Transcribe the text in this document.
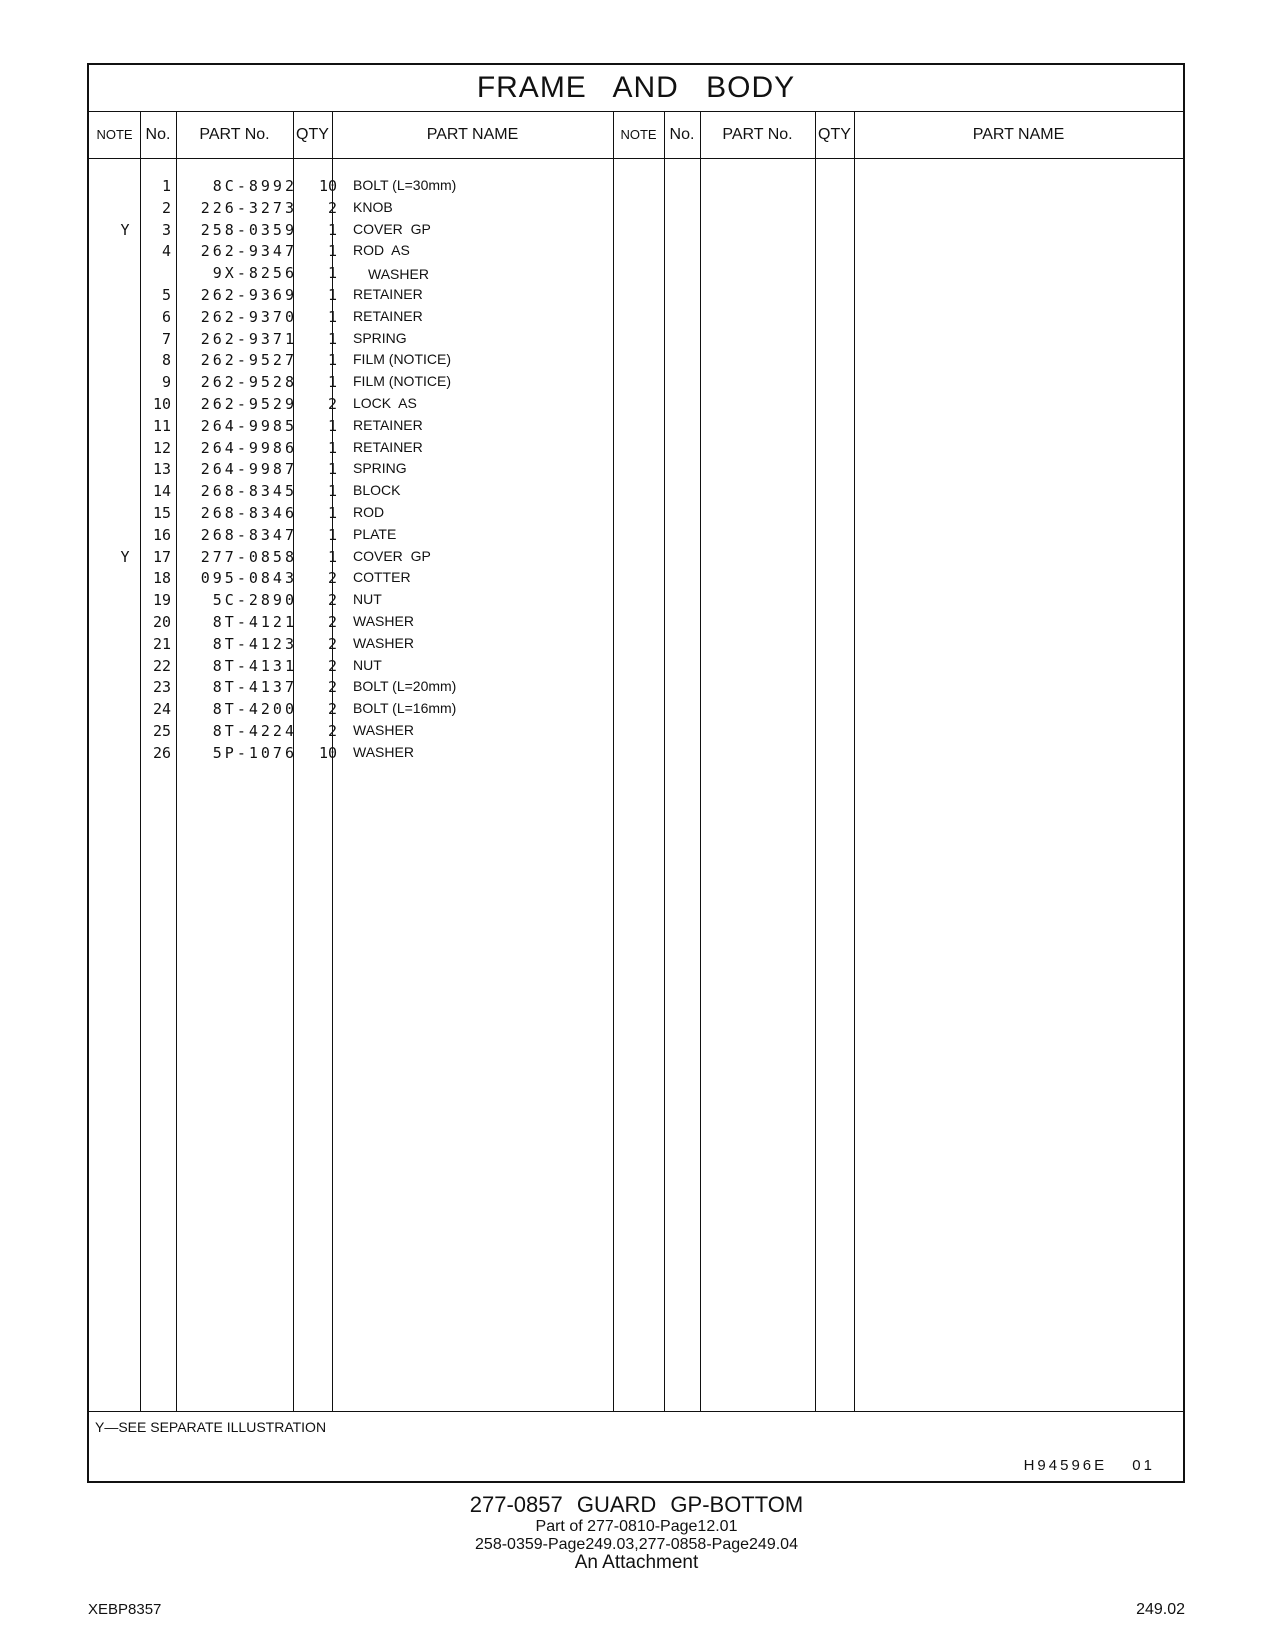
FRAME AND BODY
NOTE No.	PART No.	QTY	PART NAME	NOTE No.	PART No.	QTY	PART NAME
1	8C-8992	10 BOLT (L=30mm)
2	226-3273	2 KNOB
Y	3	258-0359	1 COVER  GP
4	262-9347	1 ROD  AS
9X-8256	1	WASHER
5	262-9369	1 RETAINER
6	262-9370	1 RETAINER
7	262-9371	1 SPRING
8	262-9527	1 FILM (NOTICE)
9	262-9528	1 FILM (NOTICE)
10	262-9529	2 LOCK  AS
11	264-9985	1 RETAINER
12	264-9986	1 RETAINER
13	264-9987	1 SPRING
14	268-8345	1 BLOCK
15	268-8346	1 ROD
16	268-8347	1 PLATE
Y	17	277-0858	1 COVER  GP
18	095-0843	2 COTTER
19	5C-2890	2 NUT
20	8T-4121	2 WASHER
21	8T-4123	2 WASHER
22	8T-4131	2 NUT
23	8T-4137	2 BOLT (L=20mm)
24	8T-4200	2 BOLT (L=16mm)
25	8T-4224	2 WASHER
26	5P-1076	10 WASHER
Y—SEE SEPARATE ILLUSTRATION
H94596E 01
277-0857 GUARD GP-BOTTOM
Part of 277-0810-Page12.01
258-0359-Page249.03,277-0858-Page249.04
An Attachment
XEBP8357	249.02
